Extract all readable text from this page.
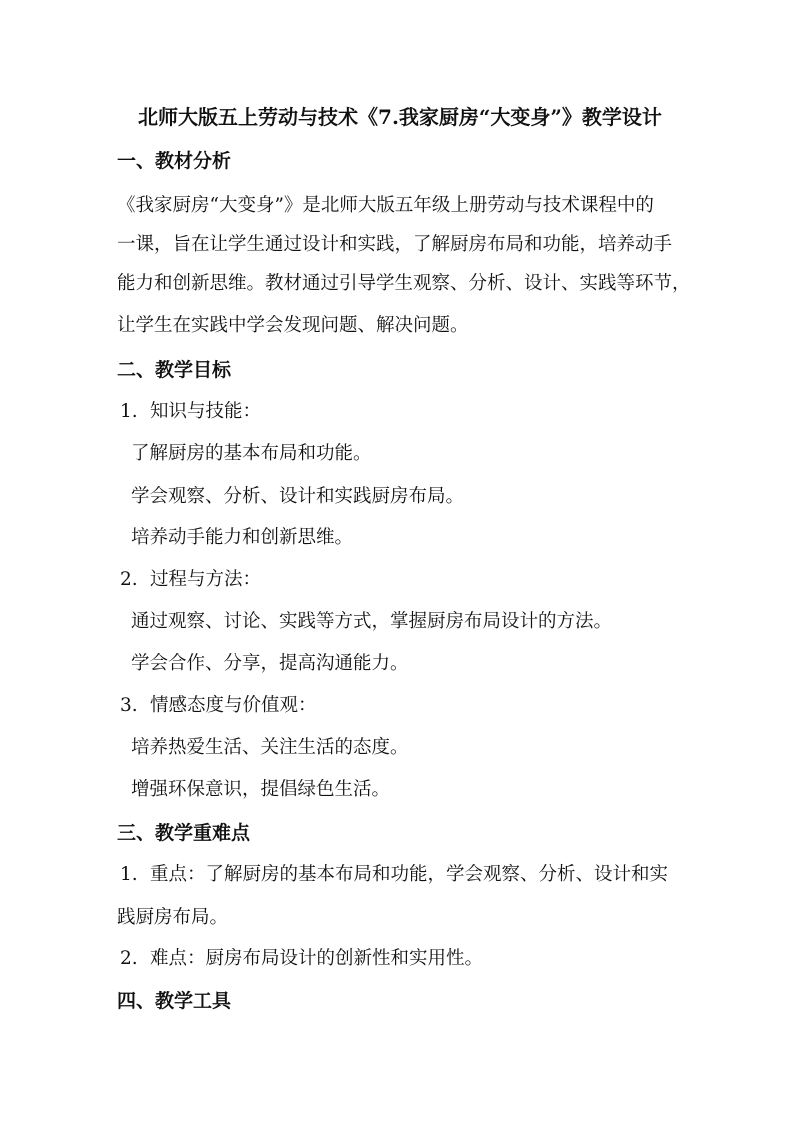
北师大版五上劳动与技术《7.我家厨房“大变身”》教学设计
一、教材分析
《我家厨房“大变身”》是北师大版五年级上册劳动与技术课程中的
一课，旨在让学生通过设计和实践，了解厨房布局和功能，培养动手
能力和创新思维。教材通过引导学生观察、分析、设计、实践等环节，
让学生在实践中学会发现问题、解决问题。
二、教学目标
1. 知识与技能：
了解厨房的基本布局和功能。
学会观察、分析、设计和实践厨房布局。
培养动手能力和创新思维。
2. 过程与方法：
通过观察、讨论、实践等方式，掌握厨房布局设计的方法。
学会合作、分享，提高沟通能力。
3. 情感态度与价值观：
培养热爱生活、关注生活的态度。
增强环保意识，提倡绿色生活。
三、教学重难点
1. 重点：了解厨房的基本布局和功能，学会观察、分析、设计和实
践厨房布局。
2. 难点：厨房布局设计的创新性和实用性。
四、教学工具
